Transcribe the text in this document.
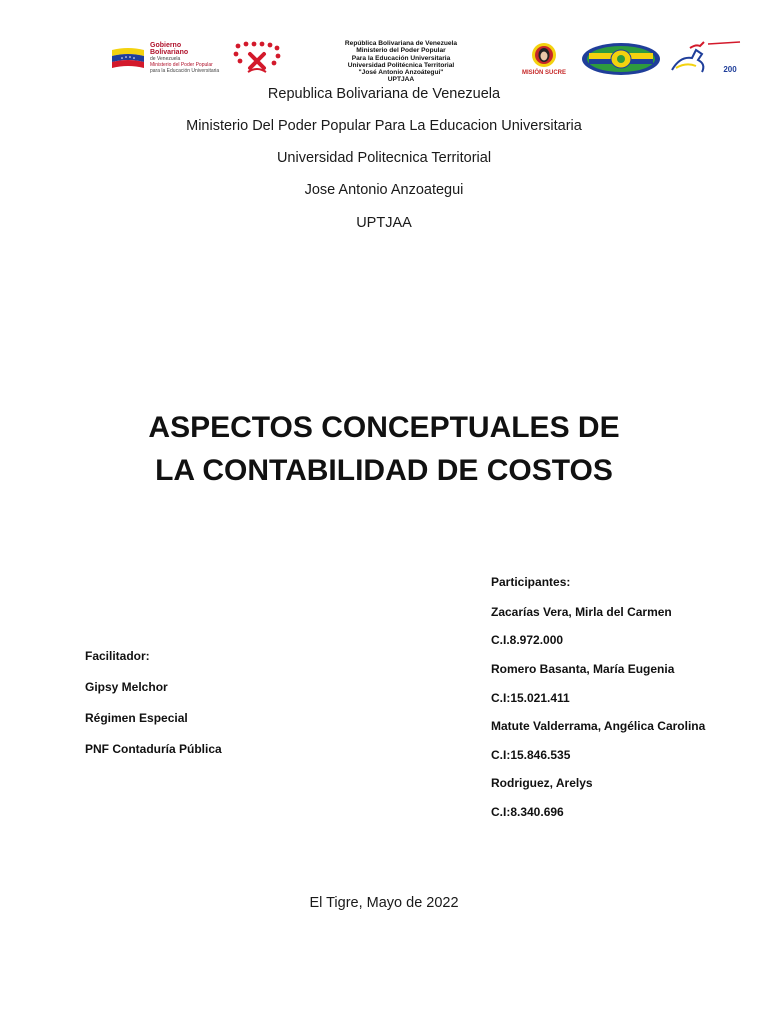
Gobierno
Bolivariano
de Venezuela
Ministerio del Poder Popular
para la Educación Universitaria
República Bolivariana de Venezuela
Ministerio del Poder Popular
Para la Educación Universitaria
Universidad Politécnica Territorial
"José Antonio Anzoátegui"
UPTJAA
MISIÓN SUCRE	200
Republica Bolivariana de Venezuela
Ministerio Del Poder Popular Para La Educacion Universitaria
Universidad Politecnica Territorial
Jose Antonio Anzoategui
UPTJAA
ASPECTOS CONCEPTUALES DE
LA CONTABILIDAD DE COSTOS
Facilitador:
Gipsy Melchor
Régimen Especial
PNF Contaduría Pública
Participantes:
Zacarías Vera, Mirla del Carmen
C.I.8.972.000
Romero Basanta, María Eugenia
C.I:15.021.411
Matute Valderrama, Angélica Carolina
C.I:15.846.535
Rodriguez, Arelys
C.I:8.340.696
El Tigre, Mayo de 2022
